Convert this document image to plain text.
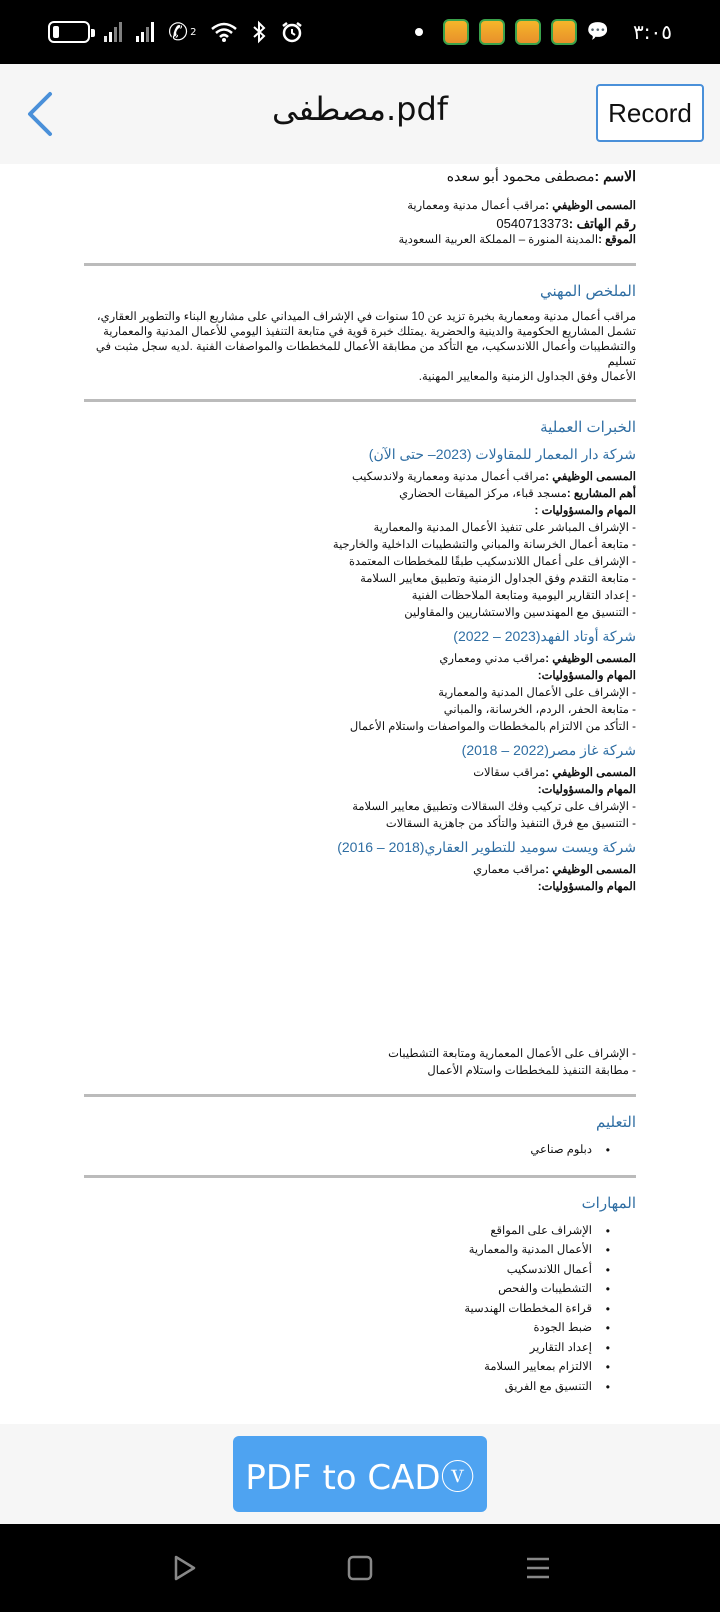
✆ 2	💬 ٣:٠٥
مصطفى.pdf	Record
الاسم :مصطفى محمود أبو سعده
المسمى الوظيفي :مراقب أعمال مدنية ومعمارية
رقم الهاتف :0540713373
الموقع :المدينة المنورة – المملكة العربية السعودية
الملخص المهني
مراقب أعمال مدنية ومعمارية بخبرة تزيد عن 10 سنوات في الإشراف الميداني على مشاريع البناء والتطوير العقاري،
تشمل المشاريع الحكومية والدينية والحضرية .يمتلك خبرة قوية في متابعة التنفيذ اليومي للأعمال المدنية والمعمارية
والتشطيبات وأعمال اللاندسكيب، مع التأكد من مطابقة الأعمال للمخططات والمواصفات الفنية .لديه سجل مثبت في تسليم
الأعمال وفق الجداول الزمنية والمعايير المهنية.
الخبرات العملية
شركة دار المعمار للمقاولات (2023– حتى الآن)
المسمى الوظيفي :مراقب أعمال مدنية ومعمارية ولاندسكيب
أهم المشاريع :مسجد قباء، مركز الميقات الحضاري
المهام والمسؤوليات :
- الإشراف المباشر على تنفيذ الأعمال المدنية والمعمارية
- متابعة أعمال الخرسانة والمباني والتشطيبات الداخلية والخارجية
- الإشراف على أعمال اللاندسكيب طبقًا للمخططات المعتمدة
- متابعة التقدم وفق الجداول الزمنية وتطبيق معايير السلامة
- إعداد التقارير اليومية ومتابعة الملاحظات الفنية
- التنسيق مع المهندسين والاستشاريين والمقاولين
شركة أوتاد الفهد(2023 – 2022)
المسمى الوظيفي :مراقب مدني ومعماري
المهام والمسؤوليات:
- الإشراف على الأعمال المدنية والمعمارية
- متابعة الحفر، الردم، الخرسانة، والمباني
- التأكد من الالتزام بالمخططات والمواصفات واستلام الأعمال
شركة غاز مصر(2022 – 2018)
المسمى الوظيفي :مراقب سقالات
المهام والمسؤوليات:
- الإشراف على تركيب وفك السقالات وتطبيق معايير السلامة
- التنسيق مع فرق التنفيذ والتأكد من جاهزية السقالات
شركة ويست سوميد للتطوير العقاري(2018 – 2016)
المسمى الوظيفي :مراقب معماري
المهام والمسؤوليات:
- الإشراف على الأعمال المعمارية ومتابعة التشطيبات
- مطابقة التنفيذ للمخططات واستلام الأعمال
التعليم
• دبلوم صناعي
المهارات
• الإشراف على المواقع
• الأعمال المدنية والمعمارية
• أعمال اللاندسكيب
• التشطيبات والفحص
• قراءة المخططات الهندسية
• ضبط الجودة
• إعداد التقارير
• الالتزام بمعايير السلامة
• التنسيق مع الفريق
PDF to CADⓥ
